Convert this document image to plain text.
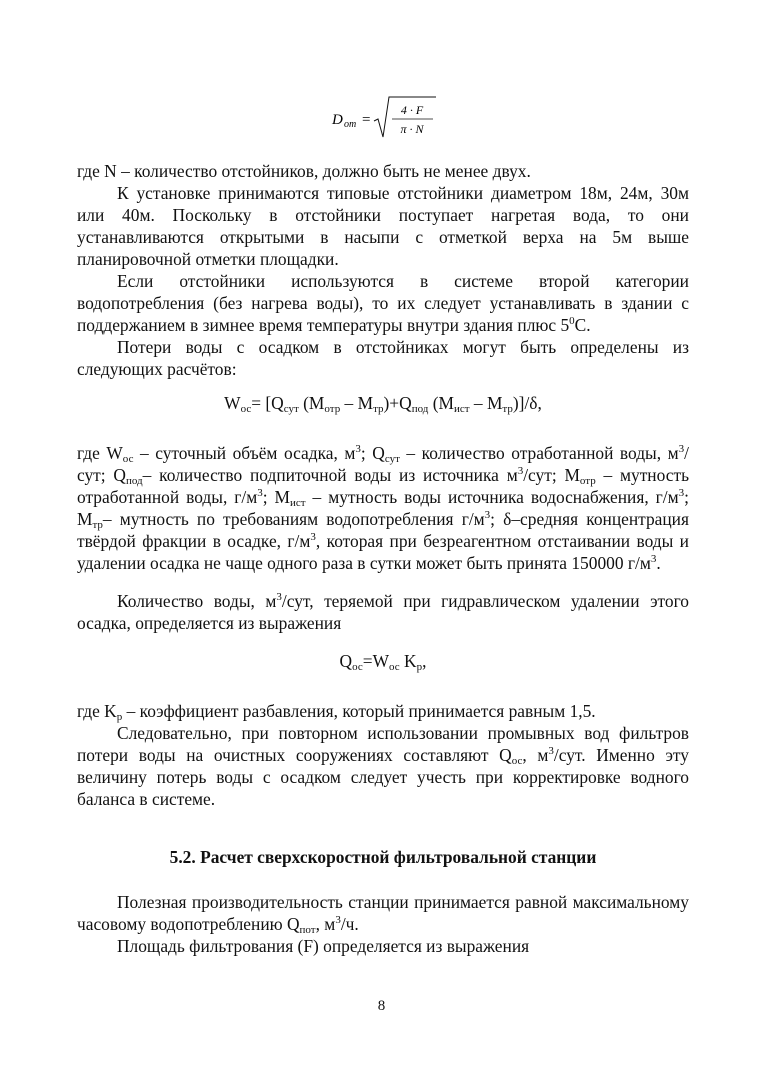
D от =
4 · F
π · N

где N – количество отстойников, должно быть не менее двух.

К установке принимаются типовые отстойники диаметром 18м, 24м, 30м или 40м. Поскольку в отстойники поступает нагретая вода, то они устанавливаются открытыми в насыпи с отметкой верха на 5м выше планировочной отметки площадки.

Если отстойники используются в системе второй категории водопотребления (без нагрева воды), то их следует устанавливать в здании с поддержанием в зимнее время температуры внутри здания плюс $5^0С$.

Потери воды с осадком в отстойниках могут быть определены из следующих расчётов:

$W_{ос}= [Q_{сут}$ $(M_{отр} - M_{тр})+Q_{под}$ $(M_{ист} - M_{тр})]/\delta$,

где $W_{ос}$ – суточный объём осадка, $м^3$; $Q_{сут}$ – количество отработанной воды, $м^3$/сут; $Q_{под}-$ количество подпиточной воды из источника $м^3$/сут; $M_{отр}$ – мутность отработанной воды, $г/м^3$; $M_{ист}$ – мутность воды источника водоснабжения, $г/м^3$; $M_{тр}-$ мутность по требованиям водопотребления $г/м^3$; δ–средняя концентрация твёрдой фракции в осадке, $г/м^3$, которая при безреагентном отстаивании воды и удалении осадка не чаще одного раза в сутки может быть принята 150000 $г/м^3$.

Количество воды, $м^3$/сут, теряемой при гидравлическом удалении этого осадка, определяется из выражения

$Q_{ос}=W_{ос}$ $K_р$,

где $K_р$ – коэффициент разбавления, который принимается равным 1,5.

Следовательно, при повторном использовании промывных вод фильтров потери воды на очистных сооружениях составляют $Q_{ос}$, $м^3$/сут. Именно эту величину потерь воды с осадком следует учесть при корректировке водного баланса в системе.

5.2. Расчет сверхскоростной фильтровальной станции

Полезная производительность станции принимается равной максимальному часовому водопотреблению $Q_{пот}$, $м^3/ч$.

Площадь фильтрования (F) определяется из выражения

8
